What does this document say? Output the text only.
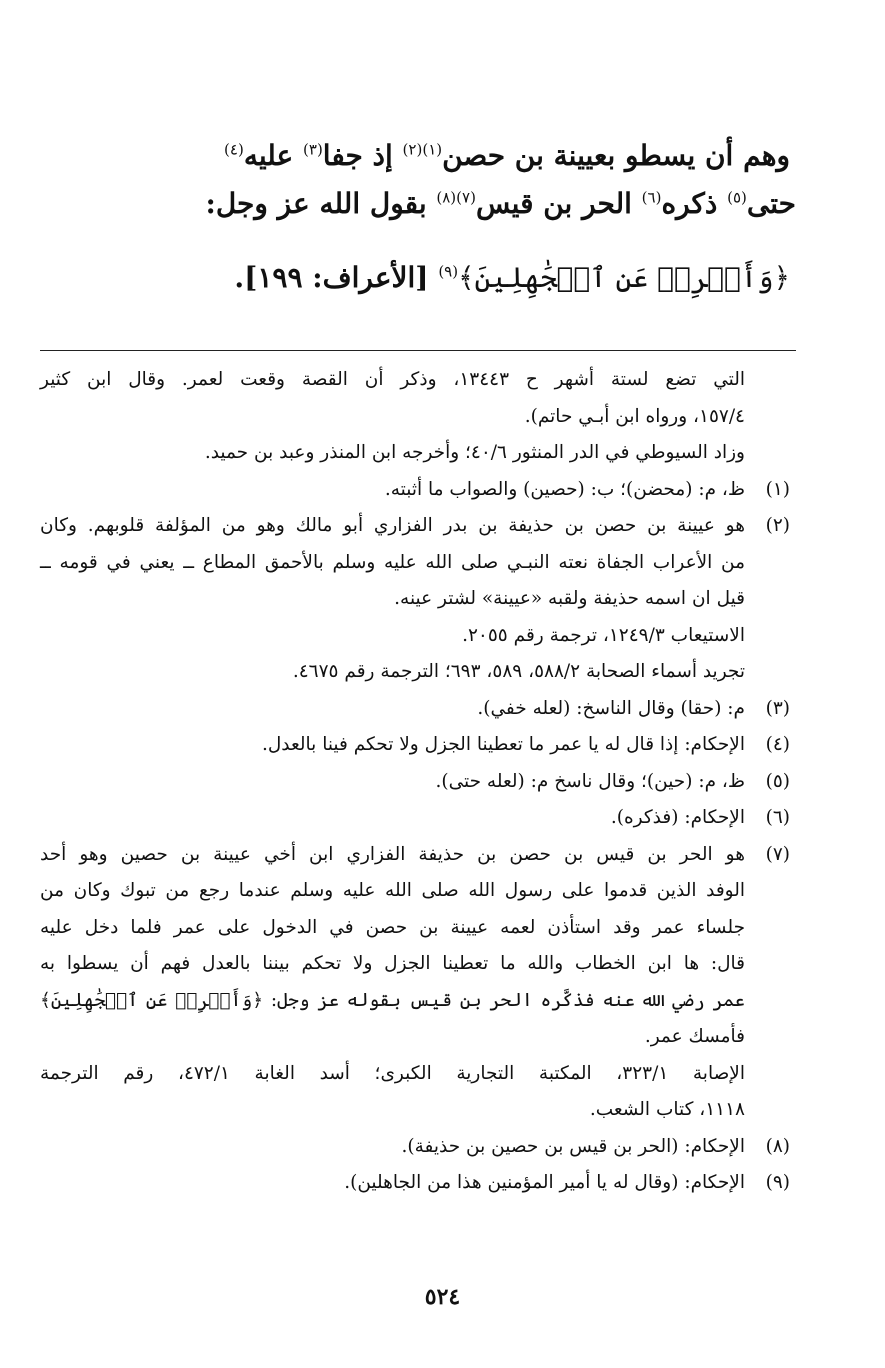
وهم أن يسطو بعيينة بن حصن$^{(١)(٢)}$ إذ جفا$^{(٣)}$ عليه$^{(٤)}$
حتى$^{(٥)}$ ذكره$^{(٦)}$ الحر بن قيس$^{(٧)(٨)}$ بقول الله عز وجل:
﴿وَأَعۡرِضۡ عَنِ ٱلۡجَٰهِلِينَ﴾$^{(٩)}$ [الأعراف: ١٩٩].
التي تضع لستة أشهر ح ١٣٤٤٣، وذكر أن القصة وقعت لعمر. وقال ابن كثير
١٥٧/٤، ورواه ابن أبـي حاتم).
وزاد السيوطي في الدر المنثور ٤٠/٦؛ وأخرجه ابن المنذر وعبد بن حميد.
(١)
ظ، م: (محضن)؛ ب: (حصين) والصواب ما أثبته.
(٢)
هو عيينة بن حصن بن حذيفة بن بدر الفزاري أبو مالك وهو من المؤلفة قلوبهم. وكان
من الأعراب الجفاة نعته النبـي صلى الله عليه وسلم بالأحمق المطاع ــ يعني في قومه ــ
قيل ان اسمه حذيفة ولقبه «عيينة» لشتر عينه.
الاستيعاب ١٢٤٩/٣، ترجمة رقم ٢٠٥٥.
تجريد أسماء الصحابة ٥٨٨/٢، ٥٨٩، ٦٩٣؛ الترجمة رقم ٤٦٧٥.
(٣)
م: (حقا) وقال الناسخ: (لعله خفي).
(٤)
الإحكام: إذا قال له يا عمر ما تعطينا الجزل ولا تحكم فينا بالعدل.
(٥)
ظ، م: (حين)؛ وقال ناسخ م: (لعله حتى).
(٦)
الإحكام: (فذكره).
(٧)
هو الحر بن قيس بن حصن بن حذيفة الفزاري ابن أخي عيينة بن حصين وهو أحد
الوفد الذين قدموا على رسول الله صلى الله عليه وسلم عندما رجع من تبوك وكان من
جلساء عمر وقد استأذن لعمه عيينة بن حصن في الدخول على عمر فلما دخل عليه
قال: ها ابن الخطاب والله ما تعطينا الجزل ولا تحكم بيننا بالعدل فهم أن يسطوا به
عمر رضي الله عنه فذكَّره الحر بن قيس بقوله عز وجل: ﴿وَأَعۡرِضۡ عَنِ ٱلۡجَٰهِلِينَ﴾
فأمسك عمر.
الإصابة ٣٢٣/١، المكتبة التجارية الكبرى؛ أسد الغابة ٤٧٢/١، رقم الترجمة
١١١٨، كتاب الشعب.
(٨)
الإحكام: (الحر بن قيس بن حصين بن حذيفة).
(٩)
الإحكام: (وقال له يا أمير المؤمنين هذا من الجاهلين).
٥٢٤
